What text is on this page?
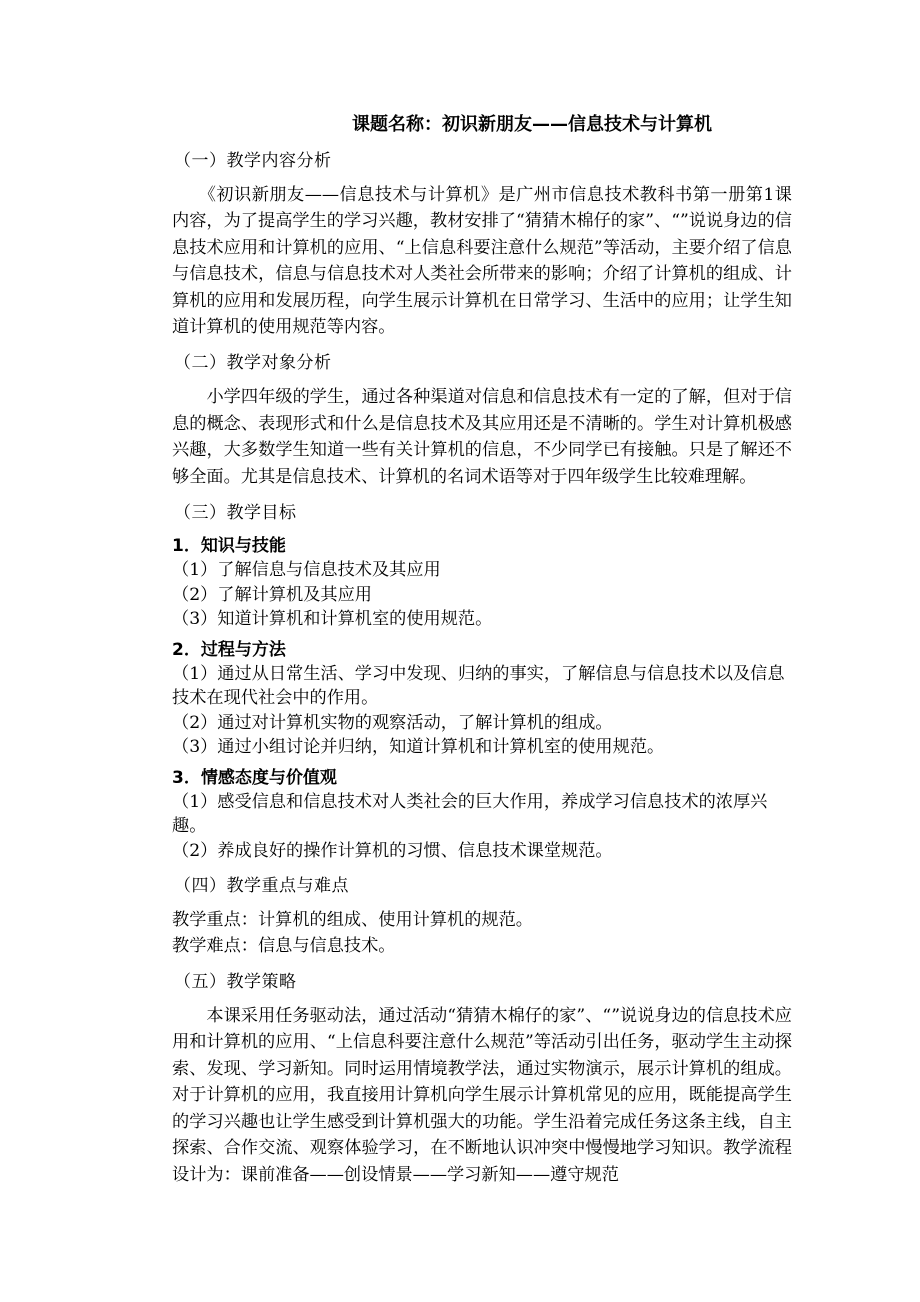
课题名称：初识新朋友——信息技术与计算机
（一）教学内容分析

　　《初识新朋友——信息技术与计算机》是广州市信息技术教科书第一册第1课内容，为了提高学生的学习兴趣，教材安排了“猜猜木棉仔的家”、“”说说身边的信息技术应用和计算机的应用、“上信息科要注意什么规范”等活动，主要介绍了信息与信息技术，信息与信息技术对人类社会所带来的影响；介绍了计算机的组成、计算机的应用和发展历程，向学生展示计算机在日常学习、生活中的应用；让学生知道计算机的使用规范等内容。

（二）教学对象分析

　　小学四年级的学生，通过各种渠道对信息和信息技术有一定的了解，但对于信息的概念、表现形式和什么是信息技术及其应用还是不清晰的。学生对计算机极感兴趣，大多数学生知道一些有关计算机的信息，不少同学已有接触。只是了解还不够全面。尤其是信息技术、计算机的名词术语等对于四年级学生比较难理解。

（三）教学目标
1．知识与技能

（1）了解信息与信息技术及其应用

（2）了解计算机及其应用

（3）知道计算机和计算机室的使用规范。

2．过程与方法

（1）通过从日常生活、学习中发现、归纳的事实，了解信息与信息技术以及信息技术在现代社会中的作用。

（2）通过对计算机实物的观察活动，了解计算机的组成。

（3）通过小组讨论并归纳，知道计算机和计算机室的使用规范。

3．情感态度与价值观

（1）感受信息和信息技术对人类社会的巨大作用，养成学习信息技术的浓厚兴趣。

（2）养成良好的操作计算机的习惯、信息技术课堂规范。

（四）教学重点与难点

教学重点：计算机的组成、使用计算机的规范。

教学难点：信息与信息技术。

（五）教学策略

　　本课采用任务驱动法，通过活动“猜猜木棉仔的家”、“”说说身边的信息技术应用和计算机的应用、“上信息科要注意什么规范”等活动引出任务，驱动学生主动探索、发现、学习新知。同时运用情境教学法，通过实物演示，展示计算机的组成。对于计算机的应用，我直接用计算机向学生展示计算机常见的应用，既能提高学生的学习兴趣也让学生感受到计算机强大的功能。学生沿着完成任务这条主线，自主探索、合作交流、观察体验学习，在不断地认识冲突中慢慢地学习知识。教学流程设计为：课前准备——创设情景——学习新知——遵守规范
